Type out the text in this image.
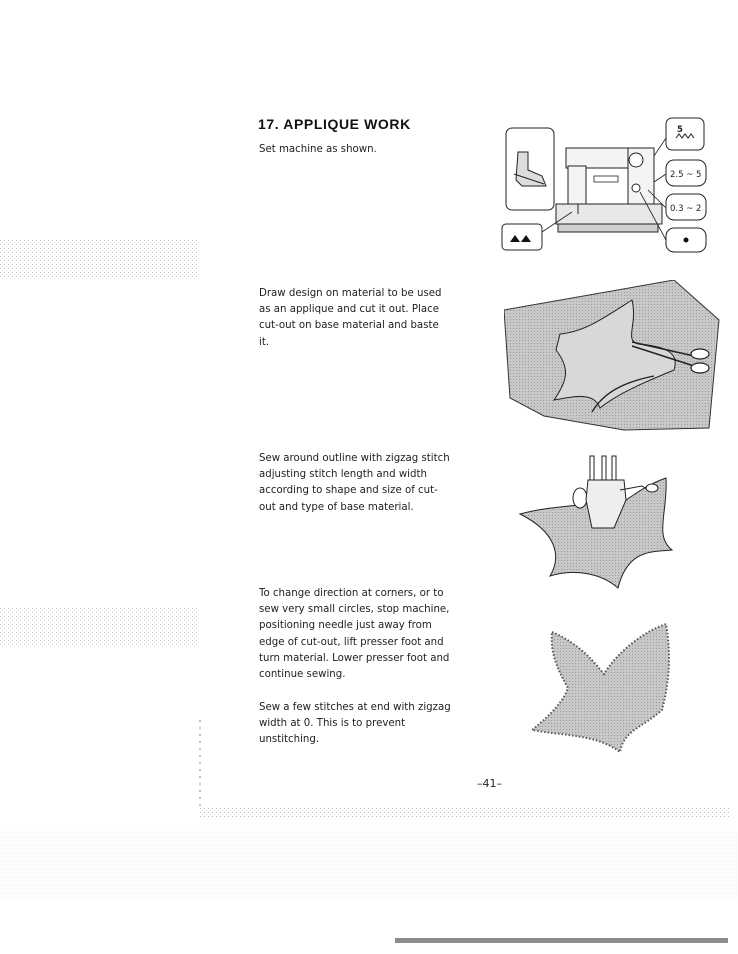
17. APPLIQUE WORK

Set machine as shown.

Draw design on material to be used as an applique and cut it out. Place cut-out on base material and baste it.

Sew around outline with zigzag stitch adjusting stitch length and width according to shape and size of cut-out and type of base material.

To change direction at corners, or to sew very small circles, stop machine, positioning needle just away from edge of cut-out, lift presser foot and turn material. Lower presser foot and continue sewing.

Sew a few stitches at end with zigzag width at 0. This is to prevent unstitching.

5
2.5 ~ 5
0.3 ~ 2
–41–
